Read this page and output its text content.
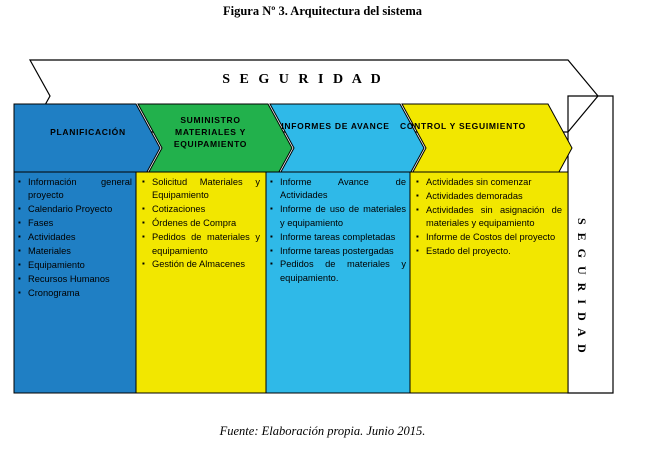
Figura Nº 3. Arquitectura del sistema
S E G U R I D A D
S E G U R I D A D
PLANIFICACIÓN
SUMINISTRO MATERIALES Y EQUIPAMIENTO
INFORMES DE AVANCE	CONTROL Y SEGUIMIENTO
▪ Información general proyecto
▪ Calendario Proyecto
▪ Fases
▪ Actividades
▪ Materiales
▪ Equipamiento
▪ Recursos Humanos
▪ Cronograma
▪ Solicitud Materiales y Equipamiento
▪ Cotizaciones
▪ Órdenes de Compra
▪ Pedidos de materiales y equipamiento
▪ Gestión de Almacenes
▪ Informe Avance de Actividades
▪ Informe de uso de materiales y equipamiento
▪ Informe tareas completadas
▪ Informe tareas postergadas
▪ Pedidos de materiales y equipamiento.
▪ Actividades sin comenzar
▪ Actividades demoradas
▪ Actividades sin asignación de materiales y equipamiento
▪ Informe de Costos del proyecto
▪ Estado del proyecto.
Fuente: Elaboración propia. Junio 2015.
